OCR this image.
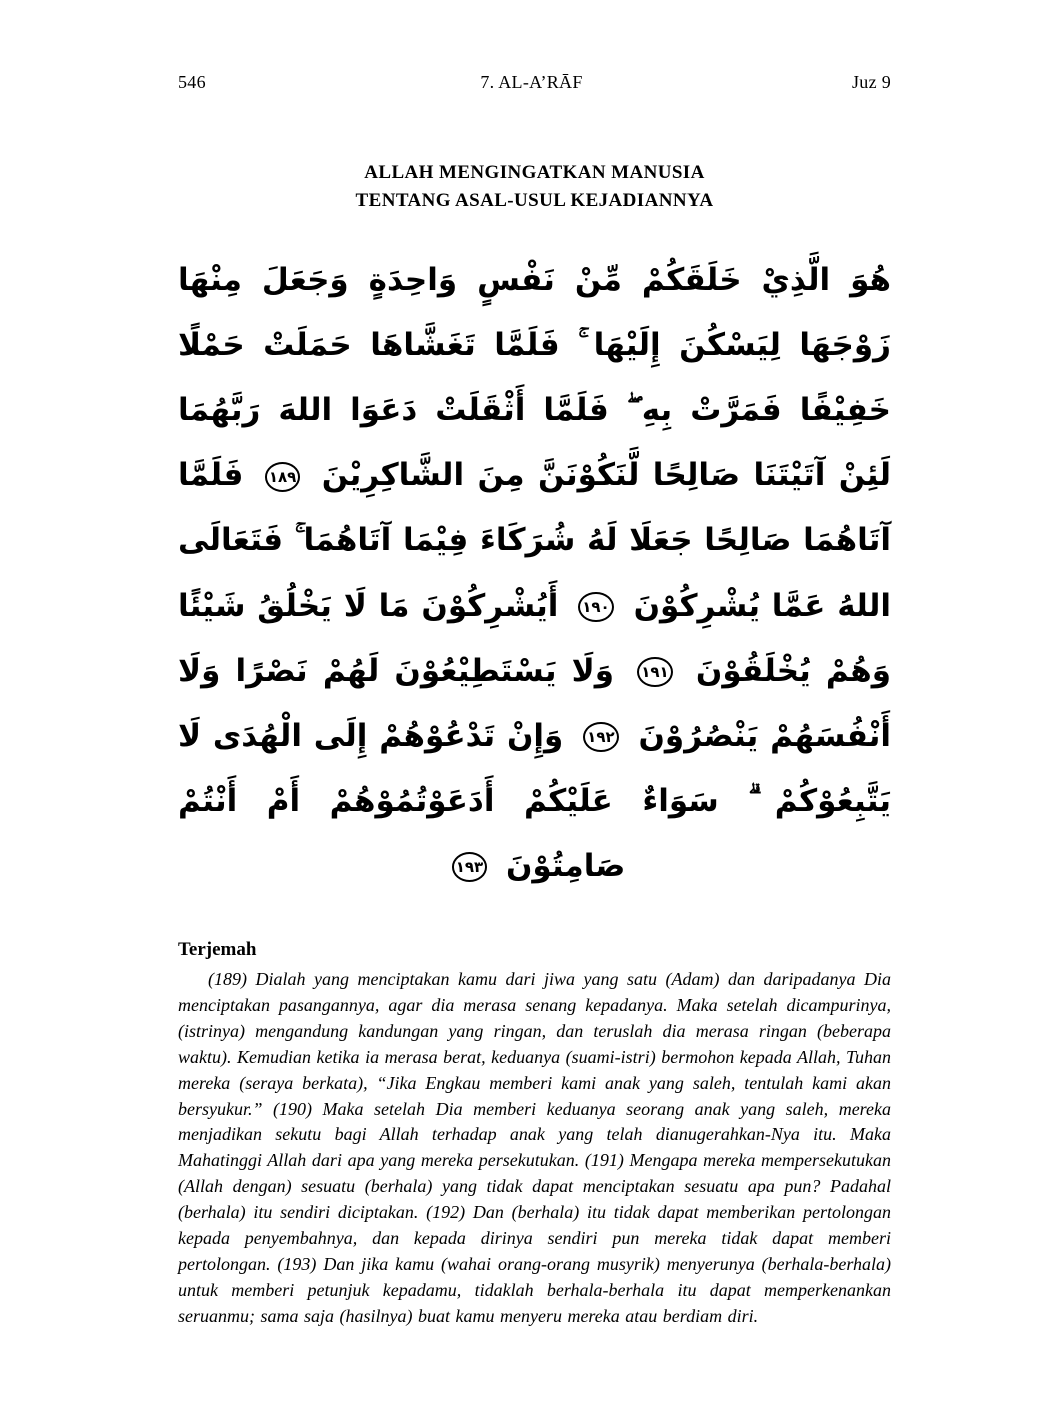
546	7. AL-A’RĀF	Juz 9
ALLAH MENGINGATKAN MANUSIA
TENTANG ASAL-USUL KEJADIANNYA
هُوَ الَّذِيْ خَلَقَكُمْ مِّنْ نَفْسٍ وَاحِدَةٍ وَجَعَلَ مِنْهَا زَوْجَهَا لِيَسْكُنَ إِلَيْهَا ۚ فَلَمَّا تَغَشَّاهَا حَمَلَتْ حَمْلًا خَفِيْفًا فَمَرَّتْ بِهِ ۖ فَلَمَّا أَثْقَلَتْ دَعَوَا اللهَ رَبَّهُمَا لَئِنْ آتَيْتَنَا صَالِحًا لَّنَكُوْنَنَّ مِنَ الشَّاكِرِيْنَ ١٨٩ فَلَمَّا آتَاهُمَا صَالِحًا جَعَلَا لَهُ شُرَكَاءَ فِيْمَا آتَاهُمَا ۚ فَتَعَالَى اللهُ عَمَّا يُشْرِكُوْنَ ١٩٠ أَيُشْرِكُوْنَ مَا لَا يَخْلُقُ شَيْئًا وَهُمْ يُخْلَقُوْنَ ١٩١ وَلَا يَسْتَطِيْعُوْنَ لَهُمْ نَصْرًا وَلَا أَنْفُسَهُمْ يَنْصُرُوْنَ ١٩٢ وَإِنْ تَدْعُوْهُمْ إِلَى الْهُدَى لَا يَتَّبِعُوْكُمْ ۗ سَوَاءٌ عَلَيْكُمْ أَدَعَوْتُمُوْهُمْ أَمْ أَنْتُمْ صَامِتُوْنَ ١٩٣
Terjemah

(189) Dialah yang menciptakan kamu dari jiwa yang satu (Adam) dan daripadanya Dia menciptakan pasangannya, agar dia merasa senang kepadanya. Maka setelah dicampurinya, (istrinya) mengandung kandungan yang ringan, dan teruslah dia merasa ringan (beberapa waktu). Kemudian ketika ia merasa berat, keduanya (suami-istri) bermohon kepada Allah, Tuhan mereka (seraya berkata), “Jika Engkau memberi kami anak yang saleh, tentulah kami akan bersyukur.” (190) Maka setelah Dia memberi keduanya seorang anak yang saleh, mereka menjadikan sekutu bagi Allah terhadap anak yang telah dianugerahkan-Nya itu. Maka Mahatinggi Allah dari apa yang mereka persekutukan. (191) Mengapa mereka mempersekutukan (Allah dengan) sesuatu (berhala) yang tidak dapat menciptakan sesuatu apa pun? Padahal (berhala) itu sendiri diciptakan. (192) Dan (berhala) itu tidak dapat memberikan pertolongan kepada penyembahnya, dan kepada dirinya sendiri pun mereka tidak dapat memberi pertolongan. (193) Dan jika kamu (wahai orang-orang musyrik) menyerunya (berhala-berhala) untuk memberi petunjuk kepadamu, tidaklah berhala-berhala itu dapat memperkenankan seruanmu; sama saja (hasilnya) buat kamu menyeru mereka atau berdiam diri.
